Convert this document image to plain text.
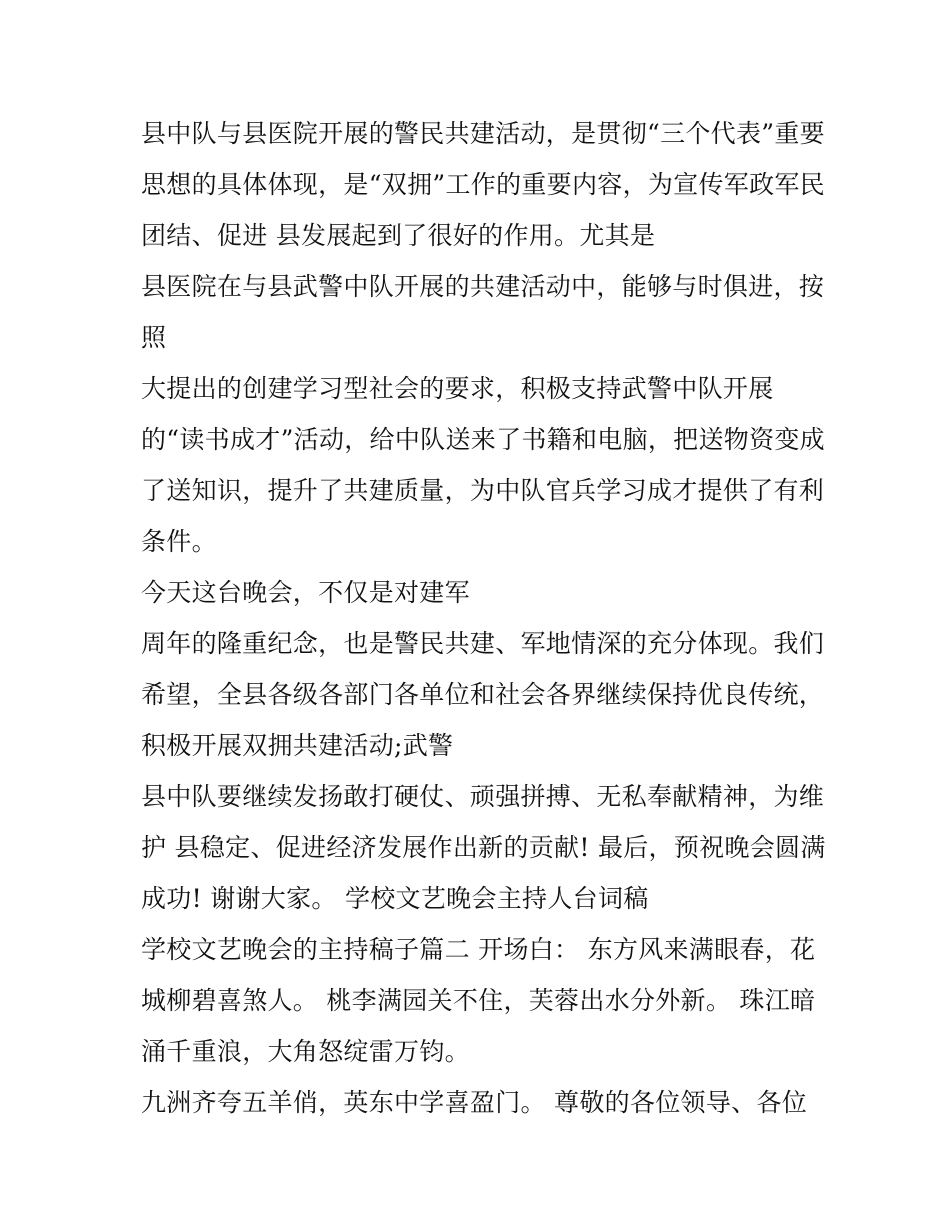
县中队与县医院开展的警民共建活动，是贯彻“三个代表”重要
思想的具体体现，是“双拥”工作的重要内容，为宣传军政军民
团结、促进 县发展起到了很好的作用。尤其是
县医院在与县武警中队开展的共建活动中，能够与时俱进，按
照
大提出的创建学习型社会的要求，积极支持武警中队开展
的“读书成才”活动，给中队送来了书籍和电脑，把送物资变成
了送知识，提升了共建质量，为中队官兵学习成才提供了有利
条件。
今天这台晚会，不仅是对建军
周年的隆重纪念，也是警民共建、军地情深的充分体现。我们
希望，全县各级各部门各单位和社会各界继续保持优良传统，
积极开展双拥共建活动;武警
县中队要继续发扬敢打硬仗、顽强拼搏、无私奉献精神，为维
护 县稳定、促进经济发展作出新的贡献! 最后，预祝晚会圆满
成功! 谢谢大家。 学校文艺晚会主持人台词稿
学校文艺晚会的主持稿子篇二 开场白： 东方风来满眼春，花
城柳碧喜煞人。 桃李满园关不住，芙蓉出水分外新。 珠江暗
涌千重浪，大角怒绽雷万钧。
九洲齐夸五羊俏，英东中学喜盈门。 尊敬的各位领导、各位
